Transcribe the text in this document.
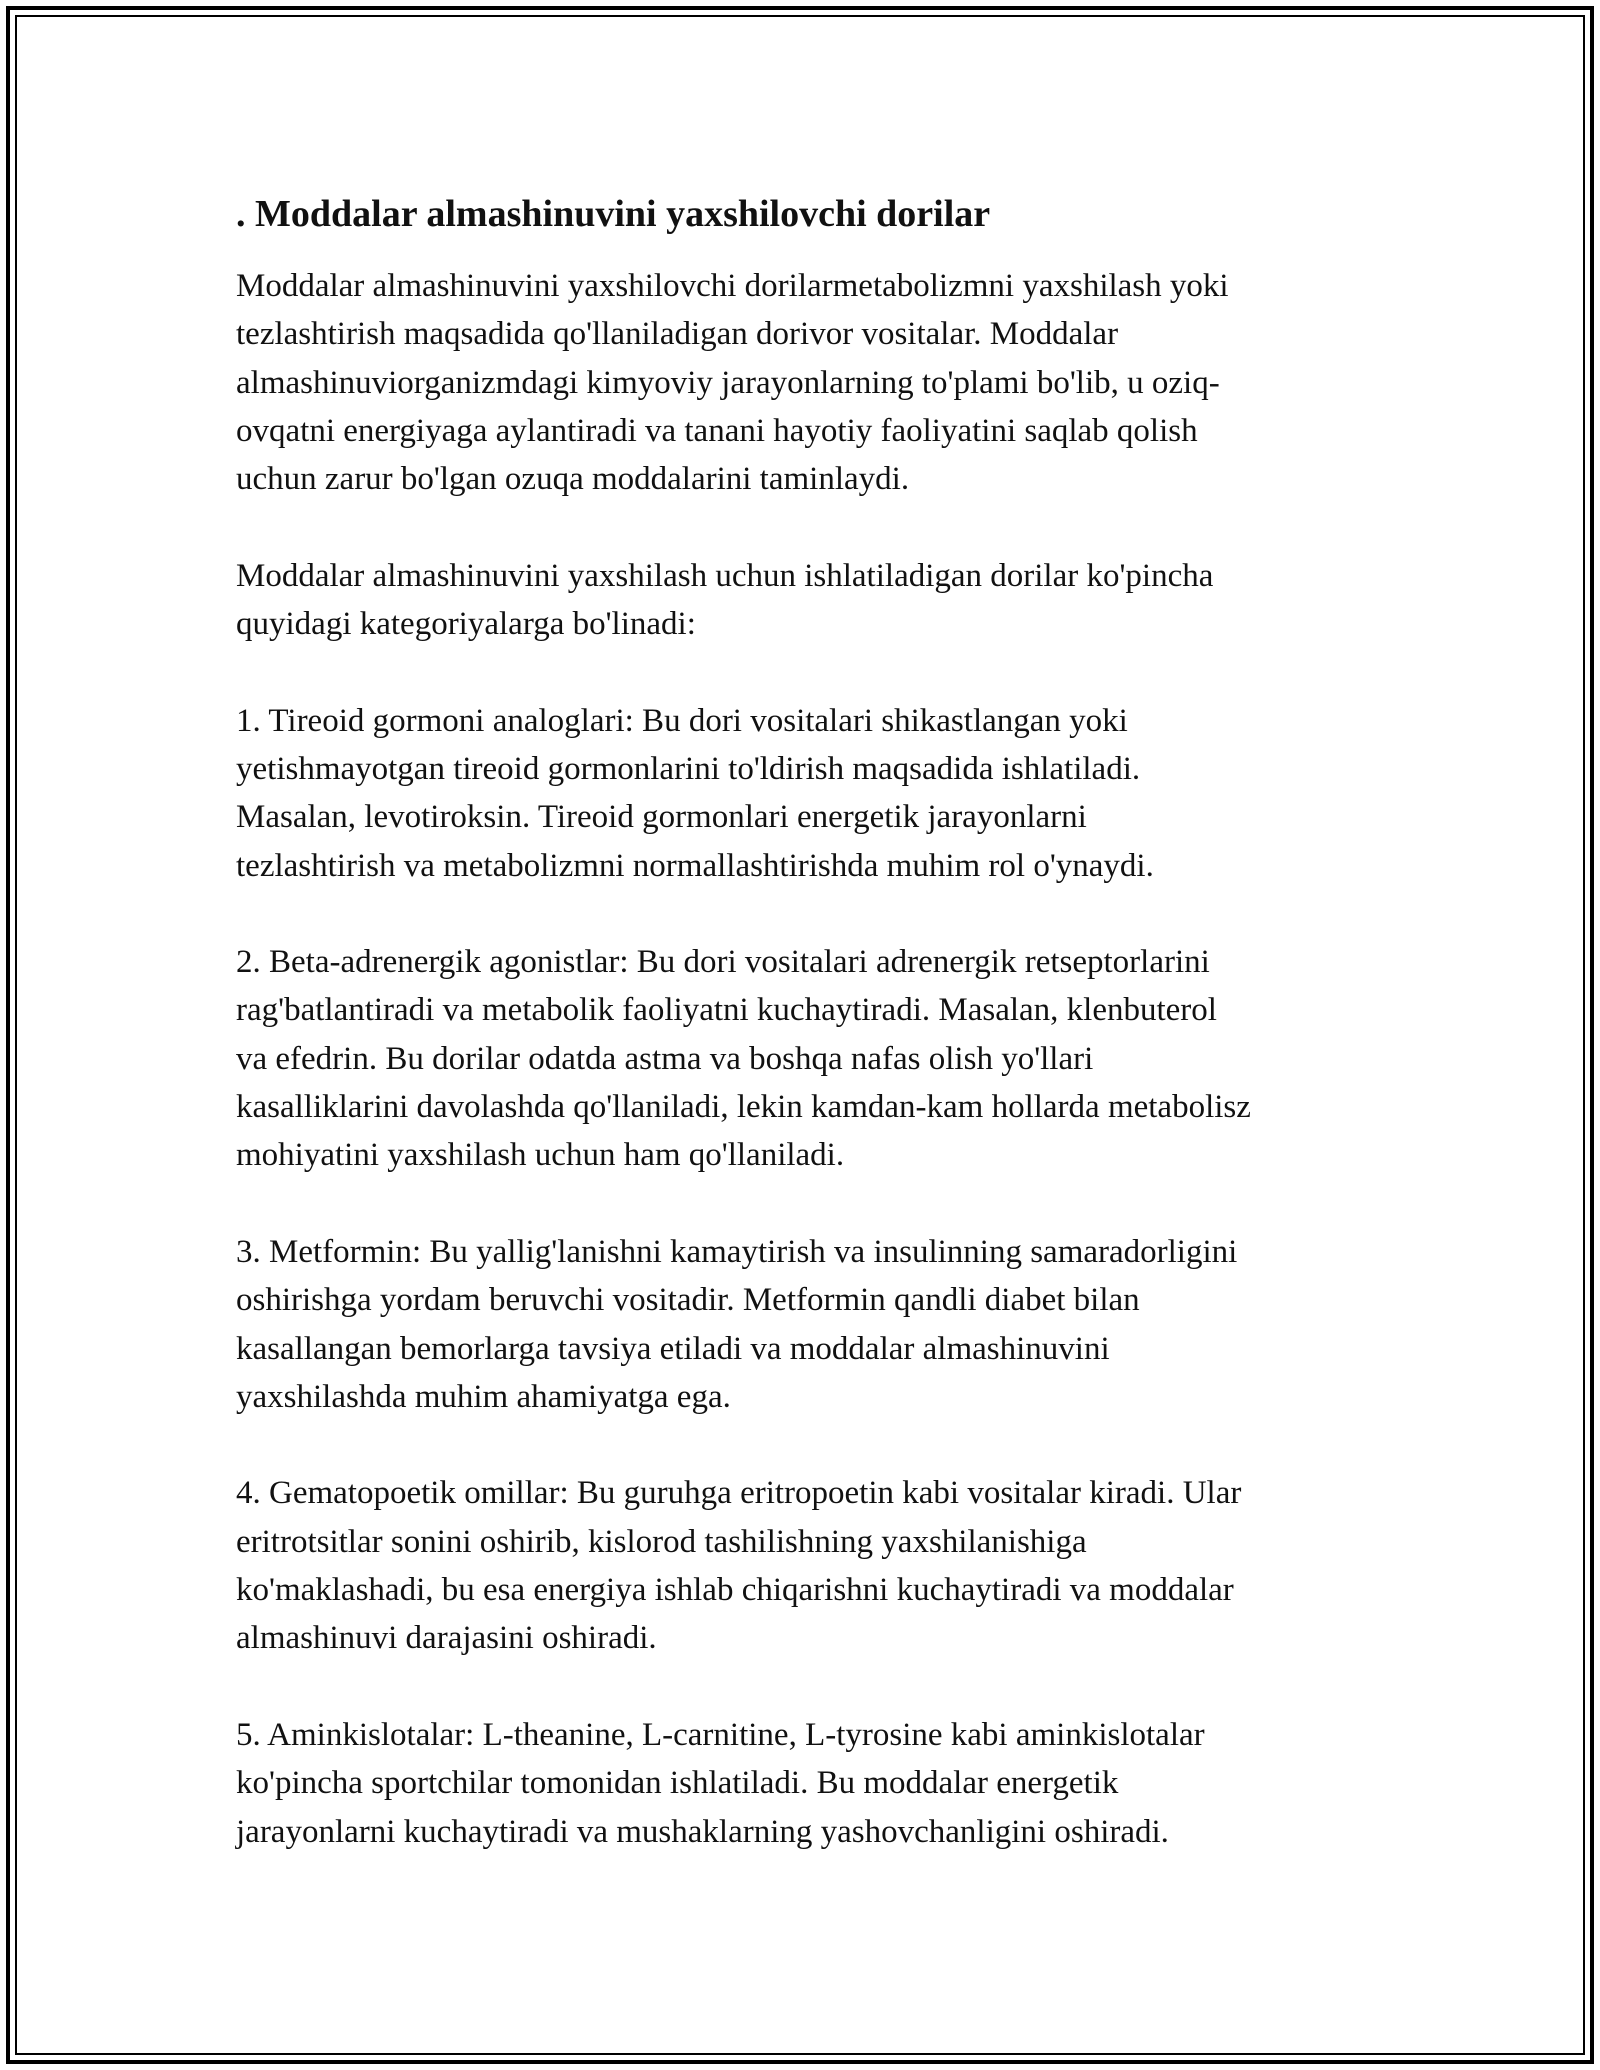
. Moddalar almashinuvini yaxshilovchi dorilar

Moddalar almashinuvini yaxshilovchi dorilarmetabolizmni yaxshilash yoki
tezlashtirish maqsadida qo'llaniladigan dorivor vositalar. Moddalar
almashinuviorganizmdagi kimyoviy jarayonlarning to'plami bo'lib, u oziq-
ovqatni energiyaga aylantiradi va tanani hayotiy faoliyatini saqlab qolish
uchun zarur bo'lgan ozuqa moddalarini taminlaydi.

Moddalar almashinuvini yaxshilash uchun ishlatiladigan dorilar ko'pincha
quyidagi kategoriyalarga bo'linadi:

1. Tireoid gormoni analoglari: Bu dori vositalari shikastlangan yoki
yetishmayotgan tireoid gormonlarini to'ldirish maqsadida ishlatiladi.
Masalan, levotiroksin. Tireoid gormonlari energetik jarayonlarni
tezlashtirish va metabolizmni normallashtirishda muhim rol o'ynaydi.

2. Beta-adrenergik agonistlar: Bu dori vositalari adrenergik retseptorlarini
rag'batlantiradi va metabolik faoliyatni kuchaytiradi. Masalan, klenbuterol
va efedrin. Bu dorilar odatda astma va boshqa nafas olish yo'llari
kasalliklarini davolashda qo'llaniladi, lekin kamdan-kam hollarda metabolisz
mohiyatini yaxshilash uchun ham qo'llaniladi.

3. Metformin: Bu yallig'lanishni kamaytirish va insulinning samaradorligini
oshirishga yordam beruvchi vositadir. Metformin qandli diabet bilan
kasallangan bemorlarga tavsiya etiladi va moddalar almashinuvini
yaxshilashda muhim ahamiyatga ega.

4. Gematopoetik omillar: Bu guruhga eritropoetin kabi vositalar kiradi. Ular
eritrotsitlar sonini oshirib, kislorod tashilishning yaxshilanishiga
ko'maklashadi, bu esa energiya ishlab chiqarishni kuchaytiradi va moddalar
almashinuvi darajasini oshiradi.

5. Aminkislotalar: L-theanine, L-carnitine, L-tyrosine kabi aminkislotalar
ko'pincha sportchilar tomonidan ishlatiladi. Bu moddalar energetik
jarayonlarni kuchaytiradi va mushaklarning yashovchanligini oshiradi.
